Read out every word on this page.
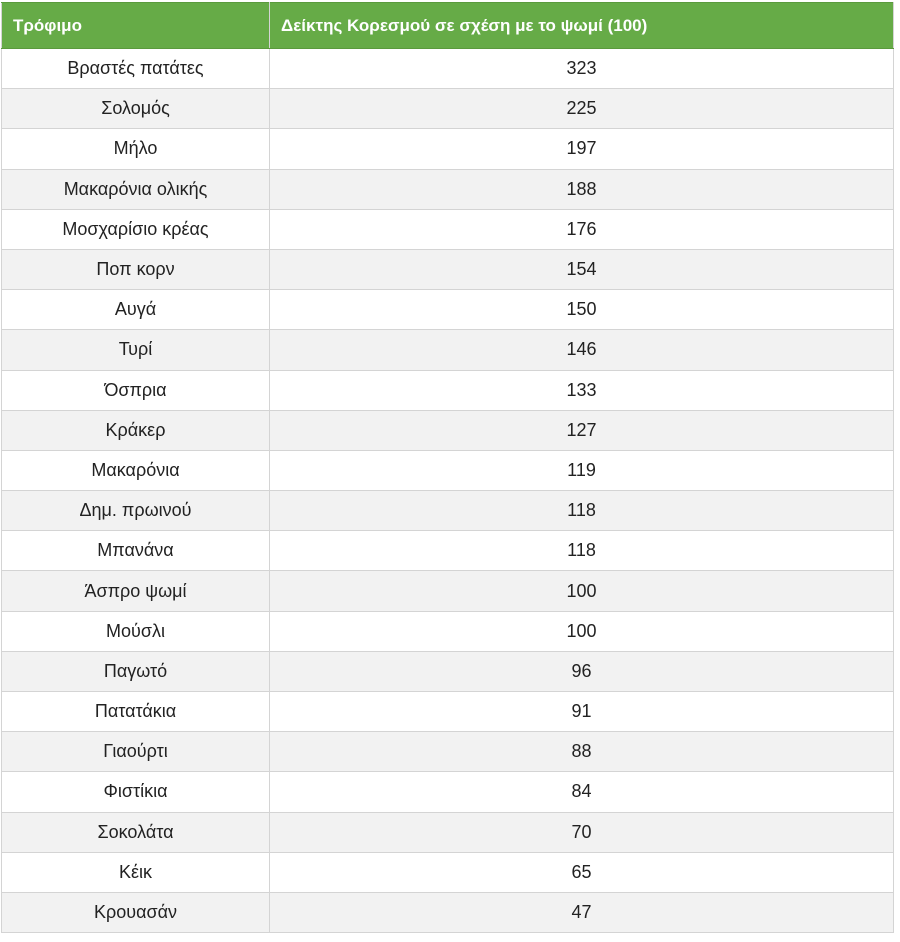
Τρόφιμο	Δείκτης Κορεσμού σε σχέση με το ψωμί (100)
Βραστές πατάτες	323
Σολομός	225
Μήλο	197
Μακαρόνια ολικής	188
Μοσχαρίσιο κρέας	176
Ποπ κορν	154
Αυγά	150
Τυρί	146
Όσπρια	133
Κράκερ	127
Μακαρόνια	119
Δημ. πρωινού	118
Μπανάνα	118
Άσπρο ψωμί	100
Μούσλι	100
Παγωτό	96
Πατατάκια	91
Γιαούρτι	88
Φιστίκια	84
Σοκολάτα	70
Κέικ	65
Κρουασάν	47
